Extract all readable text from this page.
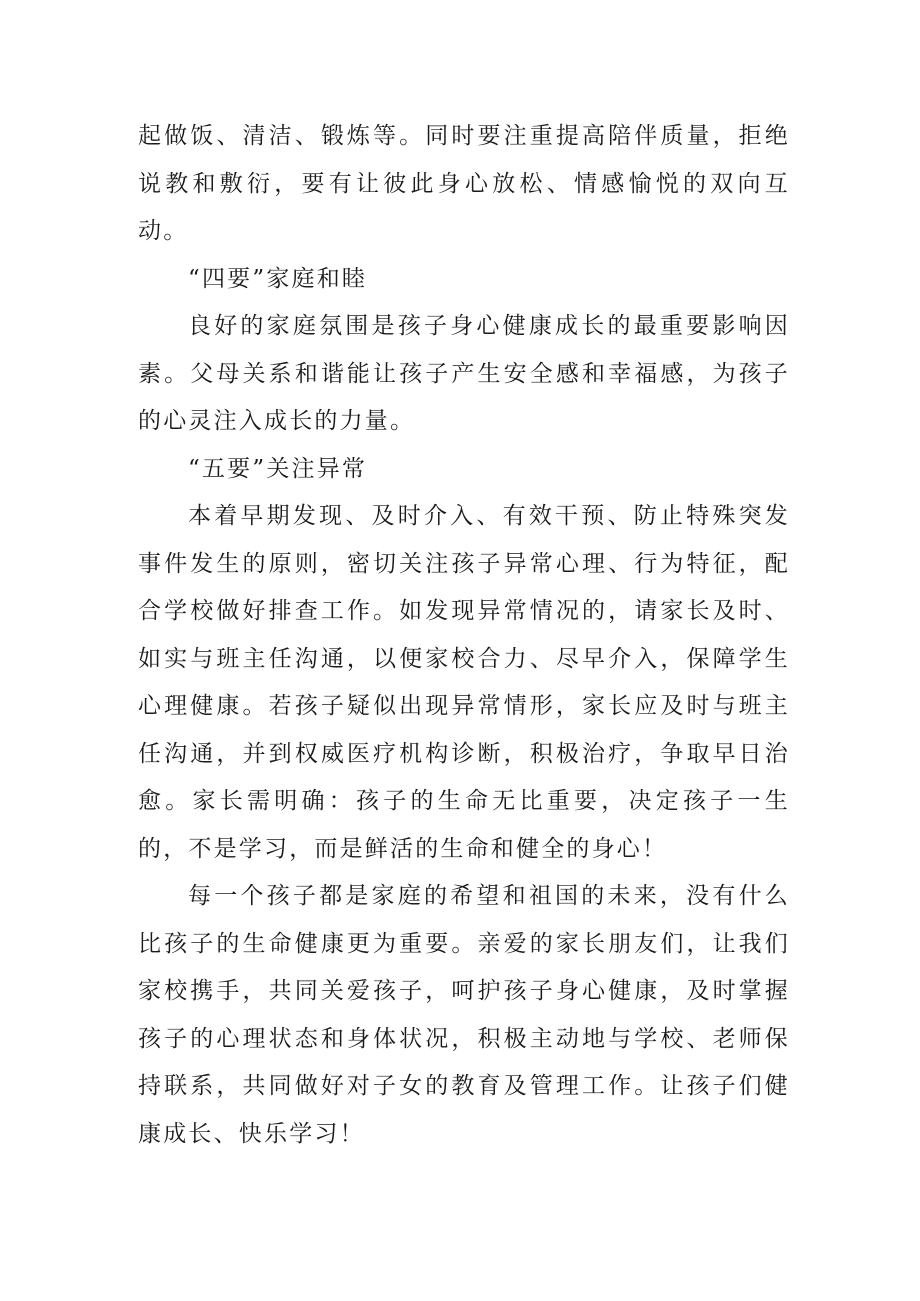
起做饭、清洁、锻炼等。同时要注重提高陪伴质量，拒绝说教和敷衍，要有让彼此身心放松、情感愉悦的双向互动。

“四要”家庭和睦

良好的家庭氛围是孩子身心健康成长的最重要影响因素。父母关系和谐能让孩子产生安全感和幸福感，为孩子的心灵注入成长的力量。

“五要”关注异常

本着早期发现、及时介入、有效干预、防止特殊突发事件发生的原则，密切关注孩子异常心理、行为特征，配合学校做好排查工作。如发现异常情况的，请家长及时、如实与班主任沟通，以便家校合力、尽早介入，保障学生心理健康。若孩子疑似出现异常情形，家长应及时与班主任沟通，并到权威医疗机构诊断，积极治疗，争取早日治愈。家长需明确：孩子的生命无比重要，决定孩子一生的，不是学习，而是鲜活的生命和健全的身心！

每一个孩子都是家庭的希望和祖国的未来，没有什么比孩子的生命健康更为重要。亲爱的家长朋友们，让我们家校携手，共同关爱孩子，呵护孩子身心健康，及时掌握孩子的心理状态和身体状况，积极主动地与学校、老师保持联系，共同做好对子女的教育及管理工作。让孩子们健康成长、快乐学习！
